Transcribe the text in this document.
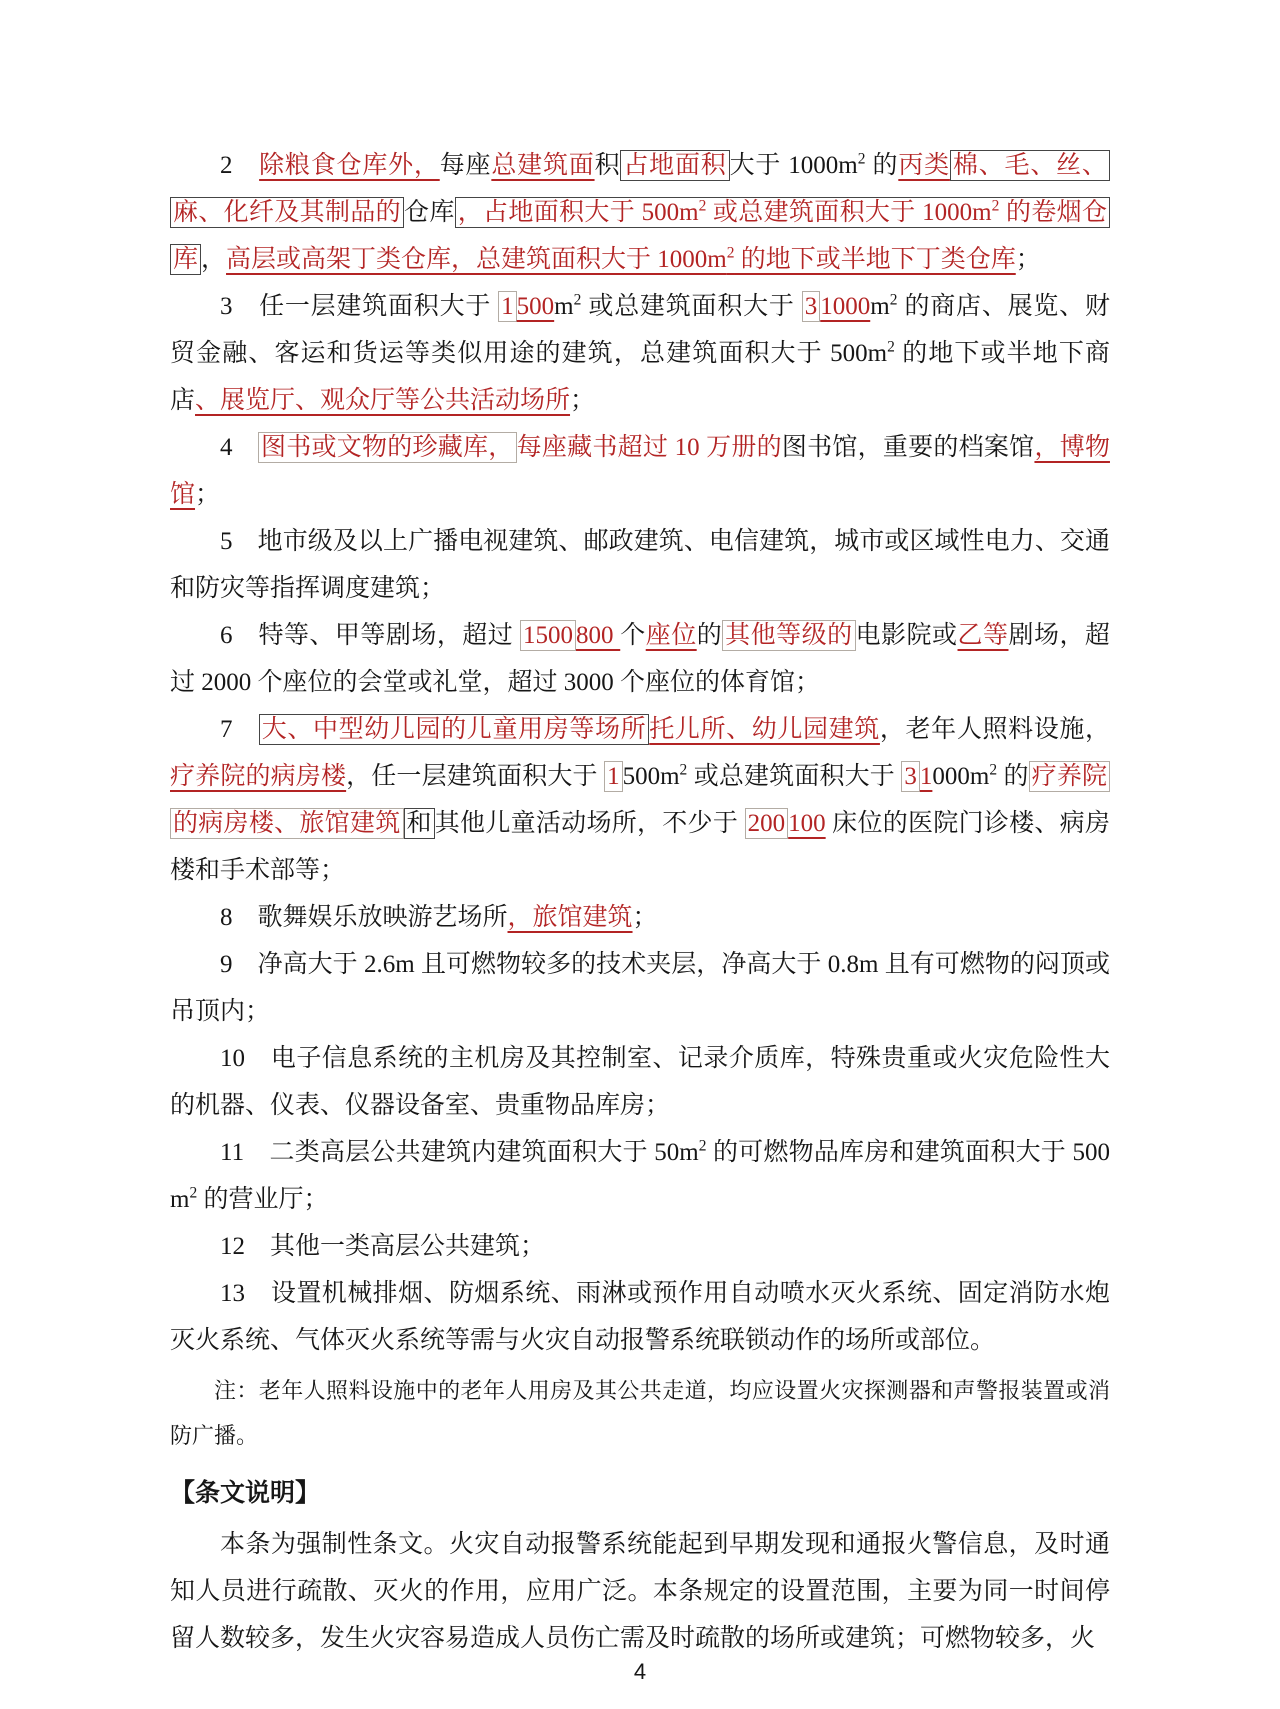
2　除粮食仓库外，每座总建筑面积 占地面积 大于 $1000m^2$ 的丙类 棉、毛、丝、麻、化纤及其制品的 仓库 ，占地面积大于 $500m^2$ 或总建筑面积大于 $1000m^2$ 的卷烟仓库 ，高层或高架丁类仓库，总建筑面积大于 $1000m^2$ 的地下或半地下丁类仓库；

3　任一层建筑面积大于 1 $500m^2$ 或总建筑面积大于 3 $1000m^2$ 的商店、展览、财贸金融、客运和货运等类似用途的建筑，总建筑面积大于 $500m^2$ 的地下或半地下商店、展览厅、观众厅等公共活动场所；

4　图书或文物的珍藏库， 每座藏书超过 10 万册的图书馆，重要的档案馆，博物馆；

5　地市级及以上广播电视建筑、邮政建筑、电信建筑，城市或区域性电力、交通和防灾等指挥调度建筑；

6　特等、甲等剧场，超过 1500 800 个座位的 其他等级的 电影院或乙等剧场，超过 2000 个座位的会堂或礼堂，超过 3000 个座位的体育馆；

7　大、中型幼儿园的儿童用房等场所 托儿所、幼儿园建筑，老年人照料设施，疗养院的病房楼，任一层建筑面积大于 1 $500m^2$ 或总建筑面积大于 3 $1000m^2$ 的 疗养院的病房楼、旅馆建筑 和 其他儿童活动场所，不少于 200 100 床位的医院门诊楼、病房楼和手术部等；

8　歌舞娱乐放映游艺场所，旅馆建筑；

9　净高大于 2.6m 且可燃物较多的技术夹层，净高大于 0.8m 且有可燃物的闷顶或吊顶内；

10　电子信息系统的主机房及其控制室、记录介质库，特殊贵重或火灾危险性大的机器、仪表、仪器设备室、贵重物品库房；

11　二类高层公共建筑内建筑面积大于 $50m^2$ 的可燃物品库房和建筑面积大于 $500m^2$ 的营业厅；

12　其他一类高层公共建筑；

13　设置机械排烟、防烟系统、雨淋或预作用自动喷水灭火系统、固定消防水炮灭火系统、气体灭火系统等需与火灾自动报警系统联锁动作的场所或部位。

注：老年人照料设施中的老年人用房及其公共走道，均应设置火灾探测器和声警报装置或消防广播。

【条文说明】

本条为强制性条文。火灾自动报警系统能起到早期发现和通报火警信息，及时通知人员进行疏散、灭火的作用，应用广泛。本条规定的设置范围，主要为同一时间停留人数较多，发生火灾容易造成人员伤亡需及时疏散的场所或建筑；可燃物较多，火

4
